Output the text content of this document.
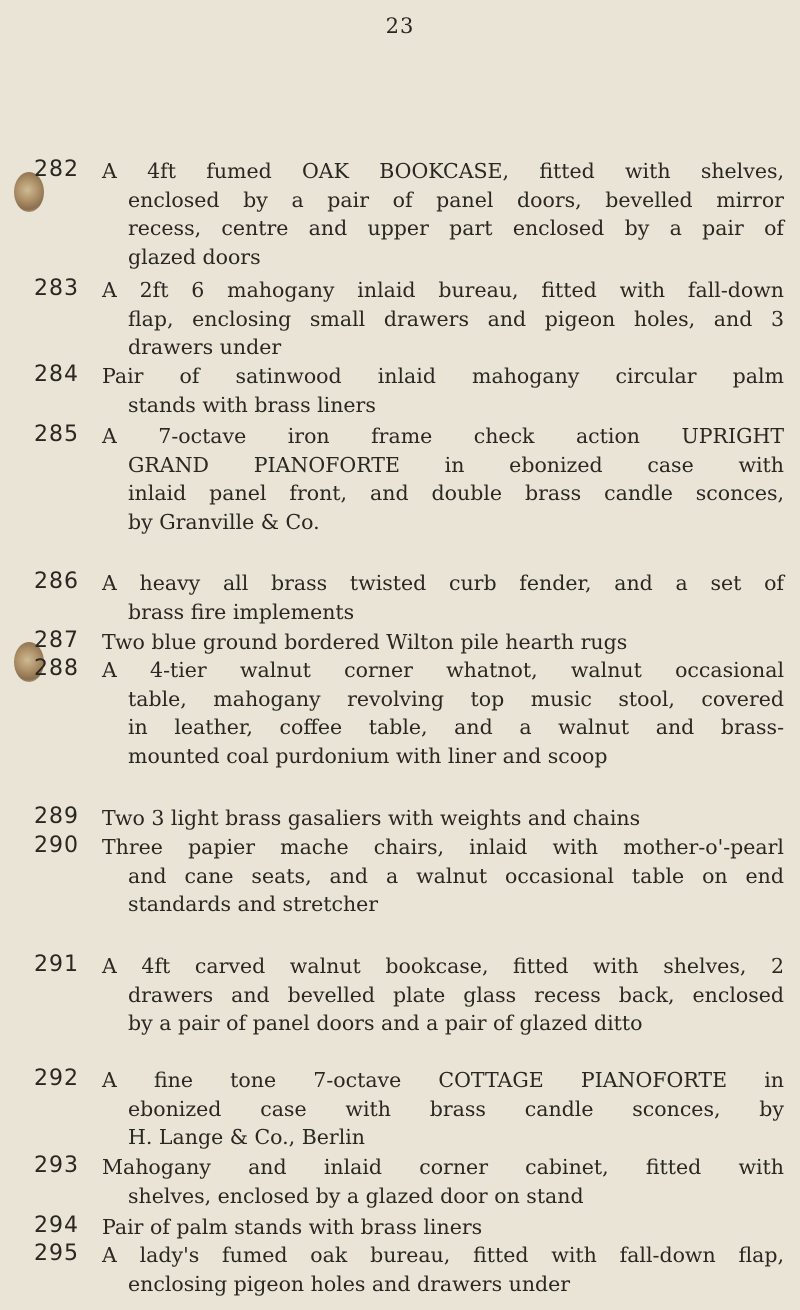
23
282	A 4ft fumed OAK BOOKCASE, fitted with shelves,
enclosed by a pair of panel doors, bevelled mirror
recess, centre and upper part enclosed by a pair of
glazed doors
283	A 2ft 6 mahogany inlaid bureau, fitted with fall-down
flap, enclosing small drawers and pigeon holes, and 3
drawers under
284	Pair of satinwood inlaid mahogany circular palm
stands with brass liners
285	A 7-octave iron frame check action UPRIGHT
GRAND PIANOFORTE in ebonized case with
inlaid panel front, and double brass candle sconces,
by Granville & Co.
286	A heavy all brass twisted curb fender, and a set of
brass fire implements
287	Two blue ground bordered Wilton pile hearth rugs
288	A 4-tier walnut corner whatnot, walnut occasional
table, mahogany revolving top music stool, covered
in leather, coffee table, and a walnut and brass-
mounted coal purdonium with liner and scoop
289	Two 3 light brass gasaliers with weights and chains
290	Three papier mache chairs, inlaid with mother-o'-pearl
and cane seats, and a walnut occasional table on end
standards and stretcher
291	A 4ft carved walnut bookcase, fitted with shelves, 2
drawers and bevelled plate glass recess back, enclosed
by a pair of panel doors and a pair of glazed ditto
292	A fine tone 7-octave COTTAGE PIANOFORTE in
ebonized case with brass candle sconces, by
H. Lange & Co., Berlin
293	Mahogany and inlaid corner cabinet, fitted with
shelves, enclosed by a glazed door on stand
294	Pair of palm stands with brass liners
295	A lady's fumed oak bureau, fitted with fall-down flap,
enclosing pigeon holes and drawers under
